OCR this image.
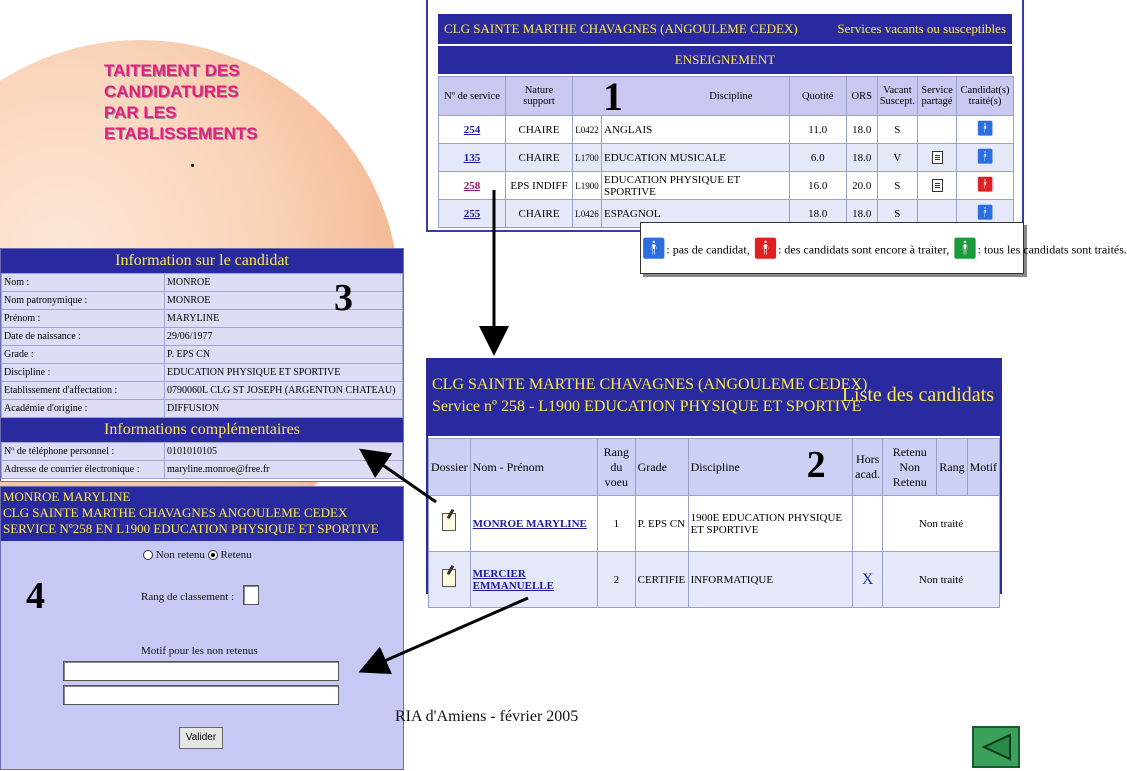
TAITEMENT DES
CANDIDATURES
PAR LES
ETABLISSEMENTS
.
CLG SAINTE MARTHE CHAVAGNES (ANGOULEME CEDEX)	Services vacants ou susceptibles
ENSEIGNEMENT
Nº de service	Nature support	1 Discipline		Quotité	ORS	Vacant Suscept.	Service partagé	Candidat(s) traité(s)
254	CHAIRE	L0422	ANGLAIS	11.0	18.0	S		🚹︎
135	CHAIRE	L1700	EDUCATION MUSICALE	6.0	18.0	V		🚹︎
258	EPS INDIFF	L1900	EDUCATION PHYSIQUE ET SPORTIVE	16.0	20.0	S		🚹︎
255	CHAIRE	L0426	ESPAGNOL	18.0	18.0	S		🚹︎
🚹︎: pas de candidat, 🚹︎: des candidats sont encore à traiter, 🚹︎: tous les candidats sont traités.
Information sur le candidat
Nom :	MONROE
Nom patronymique :	MONROE
Prénom :	MARYLINE
Date de naissance :	29/06/1977
Grade :	P. EPS CN
Discipline :	EDUCATION PHYSIQUE ET SPORTIVE
Etablissement d'affectation :	0790060L CLG ST JOSEPH (ARGENTON CHATEAU)
Académie d'origine :	DIFFUSION
Informations complémentaires
Nº de téléphone personnel :	0101010105
Adresse de courrier électronique :	maryline.monroe@free.fr
3
CLG SAINTE MARTHE CHAVAGNES (ANGOULEME CEDEX)
Service nº 258 - L1900 EDUCATION PHYSIQUE ET SPORTIVE
Liste des candidats
Dossier	Nom - Prénom	Rang du voeu	Grade	Discipline 2	Hors acad.	Retenu Non Retenu	Rang	Motif
	MONROE MARYLINE	1	P. EPS CN	1900E EDUCATION PHYSIQUE ET SPORTIVE		Non traité		
	MERCIER EMMANUELLE	2	CERTIFIE	INFORMATIQUE	X	Non traité		
MONROE MARYLINE
CLG SAINTE MARTHE CHAVAGNES ANGOULEME CEDEX
SERVICE Nº258 EN L1900 EDUCATION PHYSIQUE ET SPORTIVE
Non retenu Retenu
Rang de classement :
Motif pour les non retenus
Valider
4
RIA d'Amiens - février 2005
